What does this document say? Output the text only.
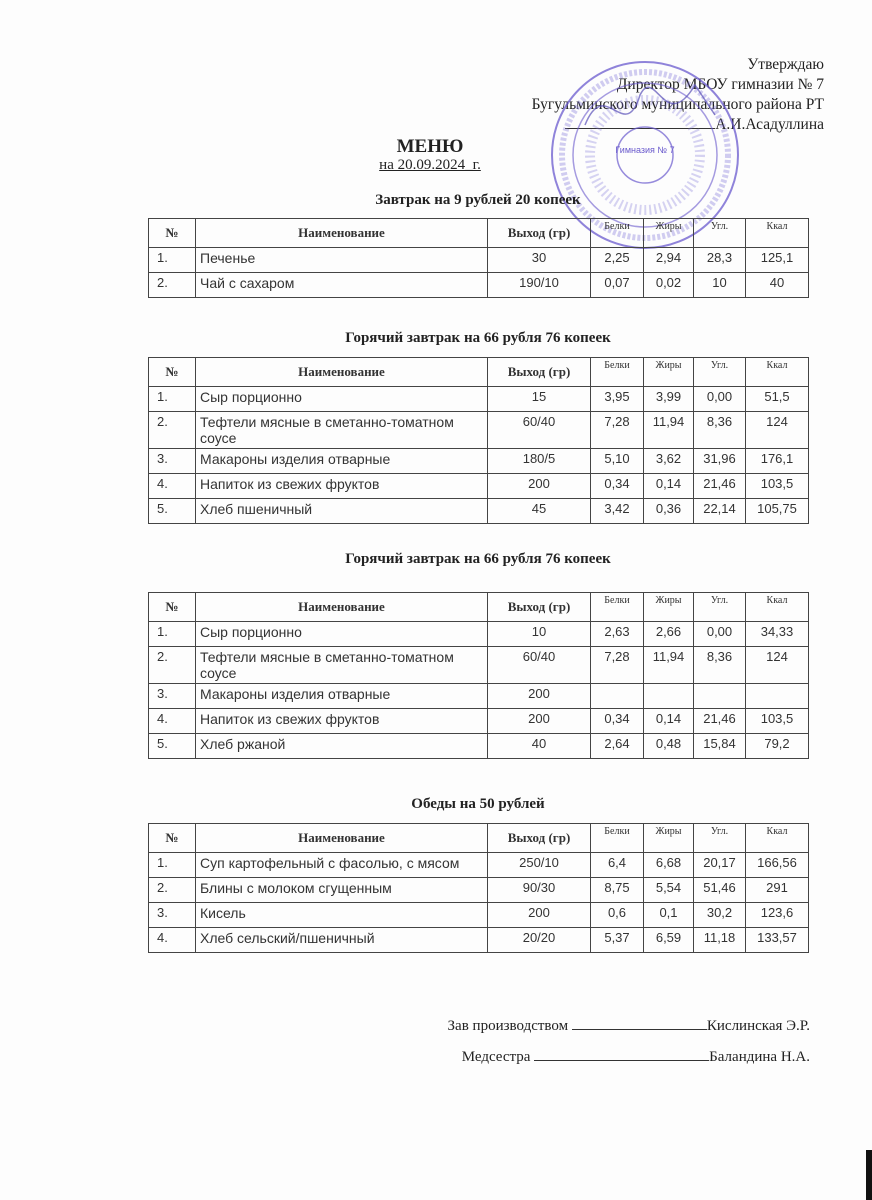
Утверждаю
Директор МБОУ гимназии № 7
Бугульминского муниципального района РТ
А.И.Асадуллина
Гимназия № 7
МЕНЮ
на 20.09.2024_г.
Завтрак на 9 рублей 20 копеек
№	Наименование	Выход (гр)	Белки	Жиры	Угл.	Ккал
1.	Печенье	30	2,25	2,94	28,3	125,1
2.	Чай с сахаром	190/10	0,07	0,02	10	40
Горячий завтрак на 66 рубля 76 копеек
№	Наименование	Выход (гр)	Белки	Жиры	Угл.	Ккал
1.	Сыр порционно	15	3,95	3,99	0,00	51,5
2.	Тефтели мясные в сметанно-томатном соусе	60/40	7,28	11,94	8,36	124
3.	Макароны изделия отварные	180/5	5,10	3,62	31,96	176,1
4.	Напиток из свежих фруктов	200	0,34	0,14	21,46	103,5
5.	Хлеб пшеничный	45	3,42	0,36	22,14	105,75
Горячий завтрак на 66 рубля 76 копеек
№	Наименование	Выход (гр)	Белки	Жиры	Угл.	Ккал
1.	Сыр порционно	10	2,63	2,66	0,00	34,33
2.	Тефтели мясные в сметанно-томатном соусе	60/40	7,28	11,94	8,36	124
3.	Макароны изделия отварные	200				
4.	Напиток из свежих фруктов	200	0,34	0,14	21,46	103,5
5.	Хлеб ржаной	40	2,64	0,48	15,84	79,2
Обеды на 50 рублей
№	Наименование	Выход (гр)	Белки	Жиры	Угл.	Ккал
1.	Суп картофельный с фасолью, с мясом	250/10	6,4	6,68	20,17	166,56
2.	Блины с молоком сгущенным	90/30	8,75	5,54	51,46	291
3.	Кисель	200	0,6	0,1	30,2	123,6
4.	Хлеб сельский/пшеничный	20/20	5,37	6,59	11,18	133,57
Зав производством	Кислинская Э.Р.
Медсестра	Баландина Н.А.
